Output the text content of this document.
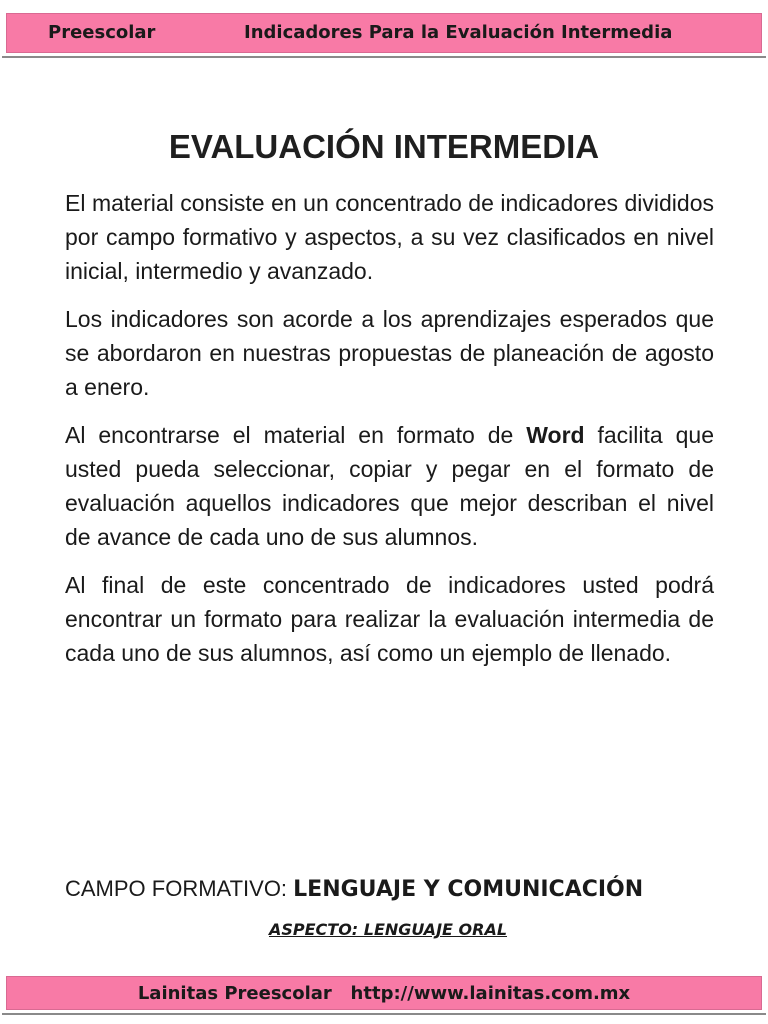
Preescolar	Indicadores Para la Evaluación Intermedia
EVALUACIÓN INTERMEDIA

El material consiste en un concentrado de indicadores divididos por campo formativo y aspectos, a su vez clasificados en nivel inicial, intermedio y avanzado.

Los indicadores son acorde a los aprendizajes esperados que se abordaron en nuestras propuestas de planeación de agosto a enero.

Al encontrarse el material en formato de Word facilita que usted pueda seleccionar, copiar y pegar en el formato de evaluación aquellos indicadores que mejor describan el nivel de avance de cada uno de sus alumnos.

Al final de este concentrado de indicadores usted podrá encontrar un formato para realizar la evaluación intermedia de cada uno de sus alumnos, así como un ejemplo de llenado.

CAMPO FORMATIVO: LENGUAJE Y COMUNICACIÓN
ASPECTO: LENGUAJE ORAL
Lainitas Preescolar   http://www.lainitas.com.mx
